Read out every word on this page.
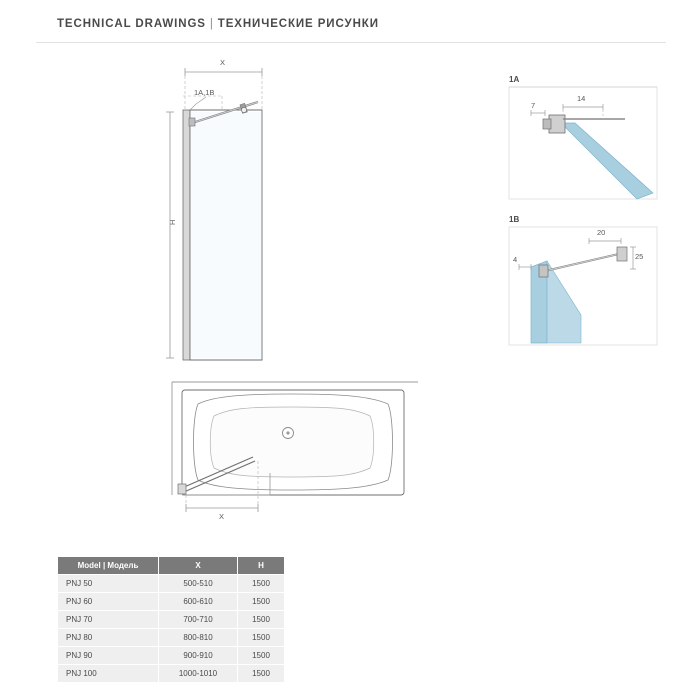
TECHNICAL DRAWINGS | ТЕХНИЧЕСКИЕ РИСУНКИ
X
1A,1B
H
X
1A
14
7
1B
20
25
4
Model | Модель	X	H
PNJ 50	500-510	1500
PNJ 60	600-610	1500
PNJ 70	700-710	1500
PNJ 80	800-810	1500
PNJ 90	900-910	1500
PNJ 100	1000-1010	1500
